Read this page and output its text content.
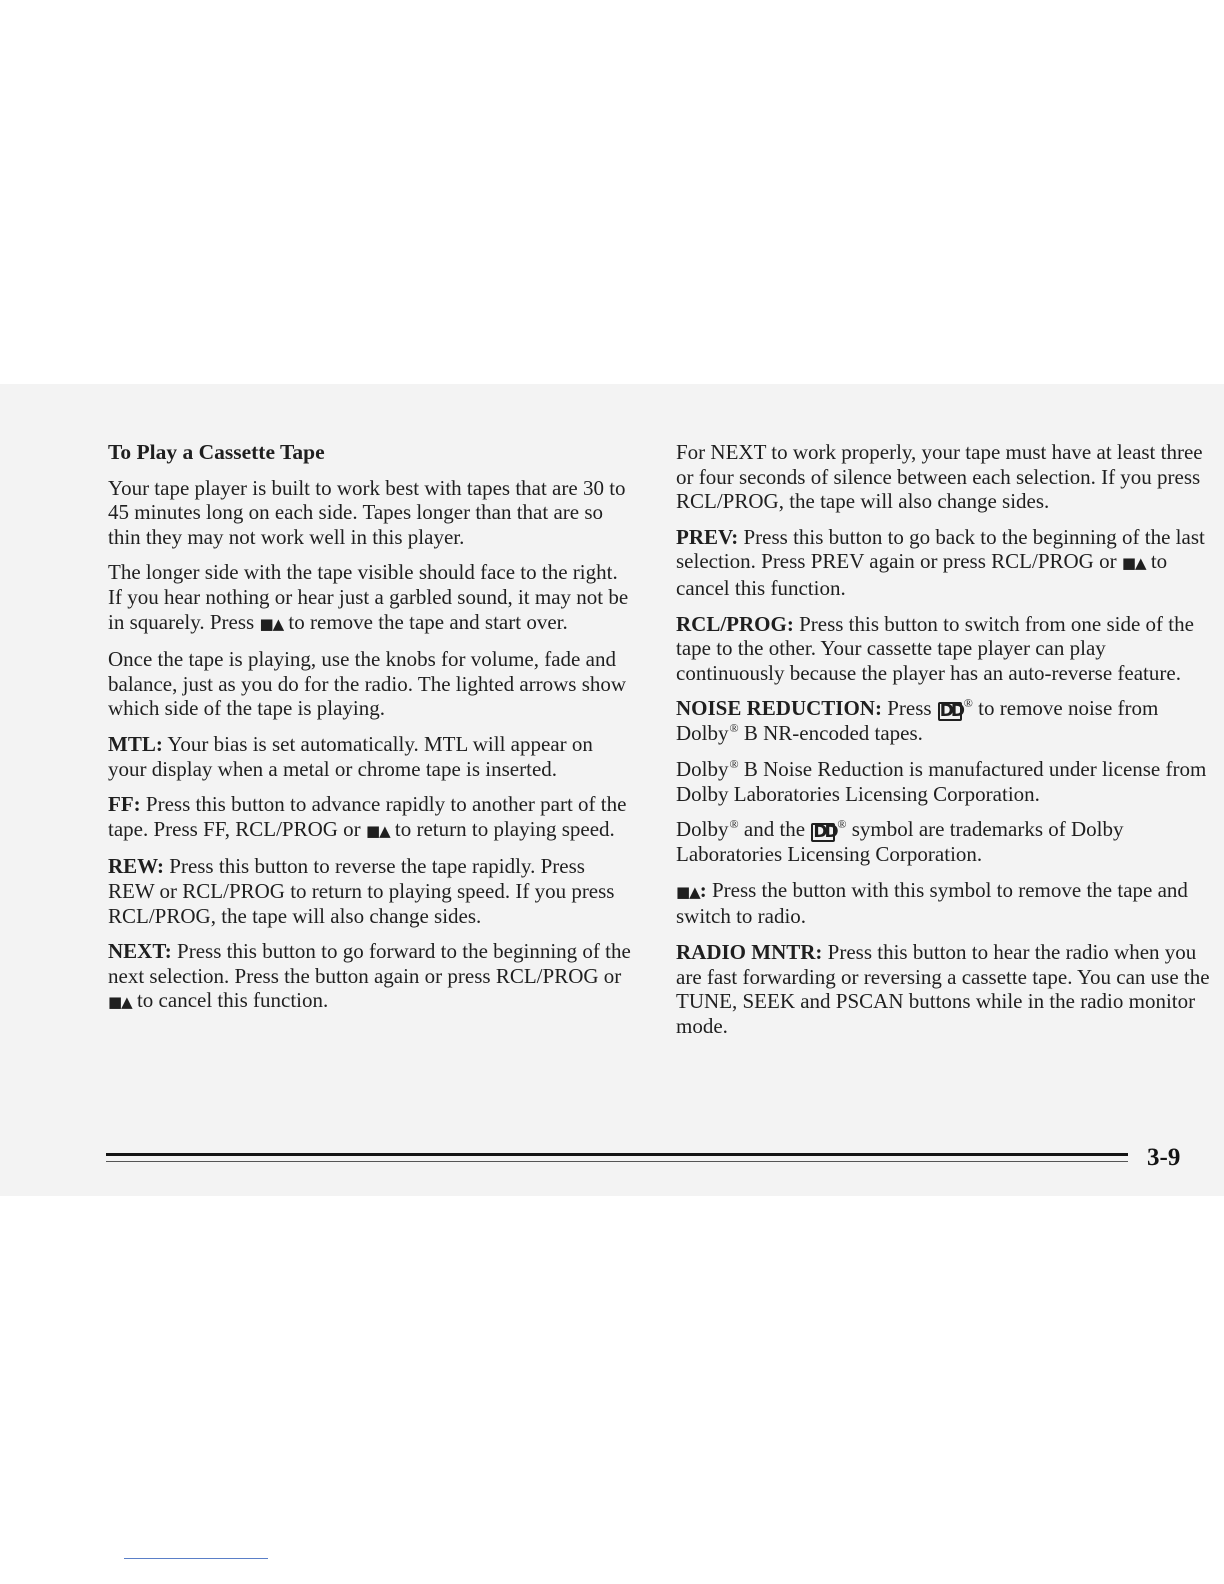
To Play a Cassette Tape

Your tape player is built to work best with tapes that are 30 to 45 minutes long on each side. Tapes longer than that are so thin they may not work well in this player.

The longer side with the tape visible should face to the right. If you hear nothing or hear just a garbled sound, it may not be in squarely. Press ■▲ to remove the tape and start over.

Once the tape is playing, use the knobs for volume, fade and balance, just as you do for the radio. The lighted arrows show which side of the tape is playing.

MTL: Your bias is set automatically. MTL will appear on your display when a metal or chrome tape is inserted.

FF: Press this button to advance rapidly to another part of the tape. Press FF, RCL/PROG or ■▲ to return to playing speed.

REW: Press this button to reverse the tape rapidly. Press REW or RCL/PROG to return to playing speed. If you press RCL/PROG, the tape will also change sides.

NEXT: Press this button to go forward to the beginning of the next selection. Press the button again or press RCL/PROG or ■▲ to cancel this function.

For NEXT to work properly, your tape must have at least three or four seconds of silence between each selection. If you press RCL/PROG, the tape will also change sides.

PREV: Press this button to go back to the beginning of the last selection. Press PREV again or press RCL/PROG or ■▲ to cancel this function.

RCL/PROG: Press this button to switch from one side of the tape to the other. Your cassette tape player can play continuously because the player has an auto-reverse feature.

NOISE REDUCTION: Press DD ® to remove noise from Dolby® B NR-encoded tapes.

Dolby® B Noise Reduction is manufactured under license from Dolby Laboratories Licensing Corporation.

Dolby® and the DD ® symbol are trademarks of Dolby Laboratories Licensing Corporation.

■▲: Press the button with this symbol to remove the tape and switch to radio.

RADIO MNTR: Press this button to hear the radio when you are fast forwarding or reversing a cassette tape. You can use the TUNE, SEEK and PSCAN buttons while in the radio monitor mode.

3-9
